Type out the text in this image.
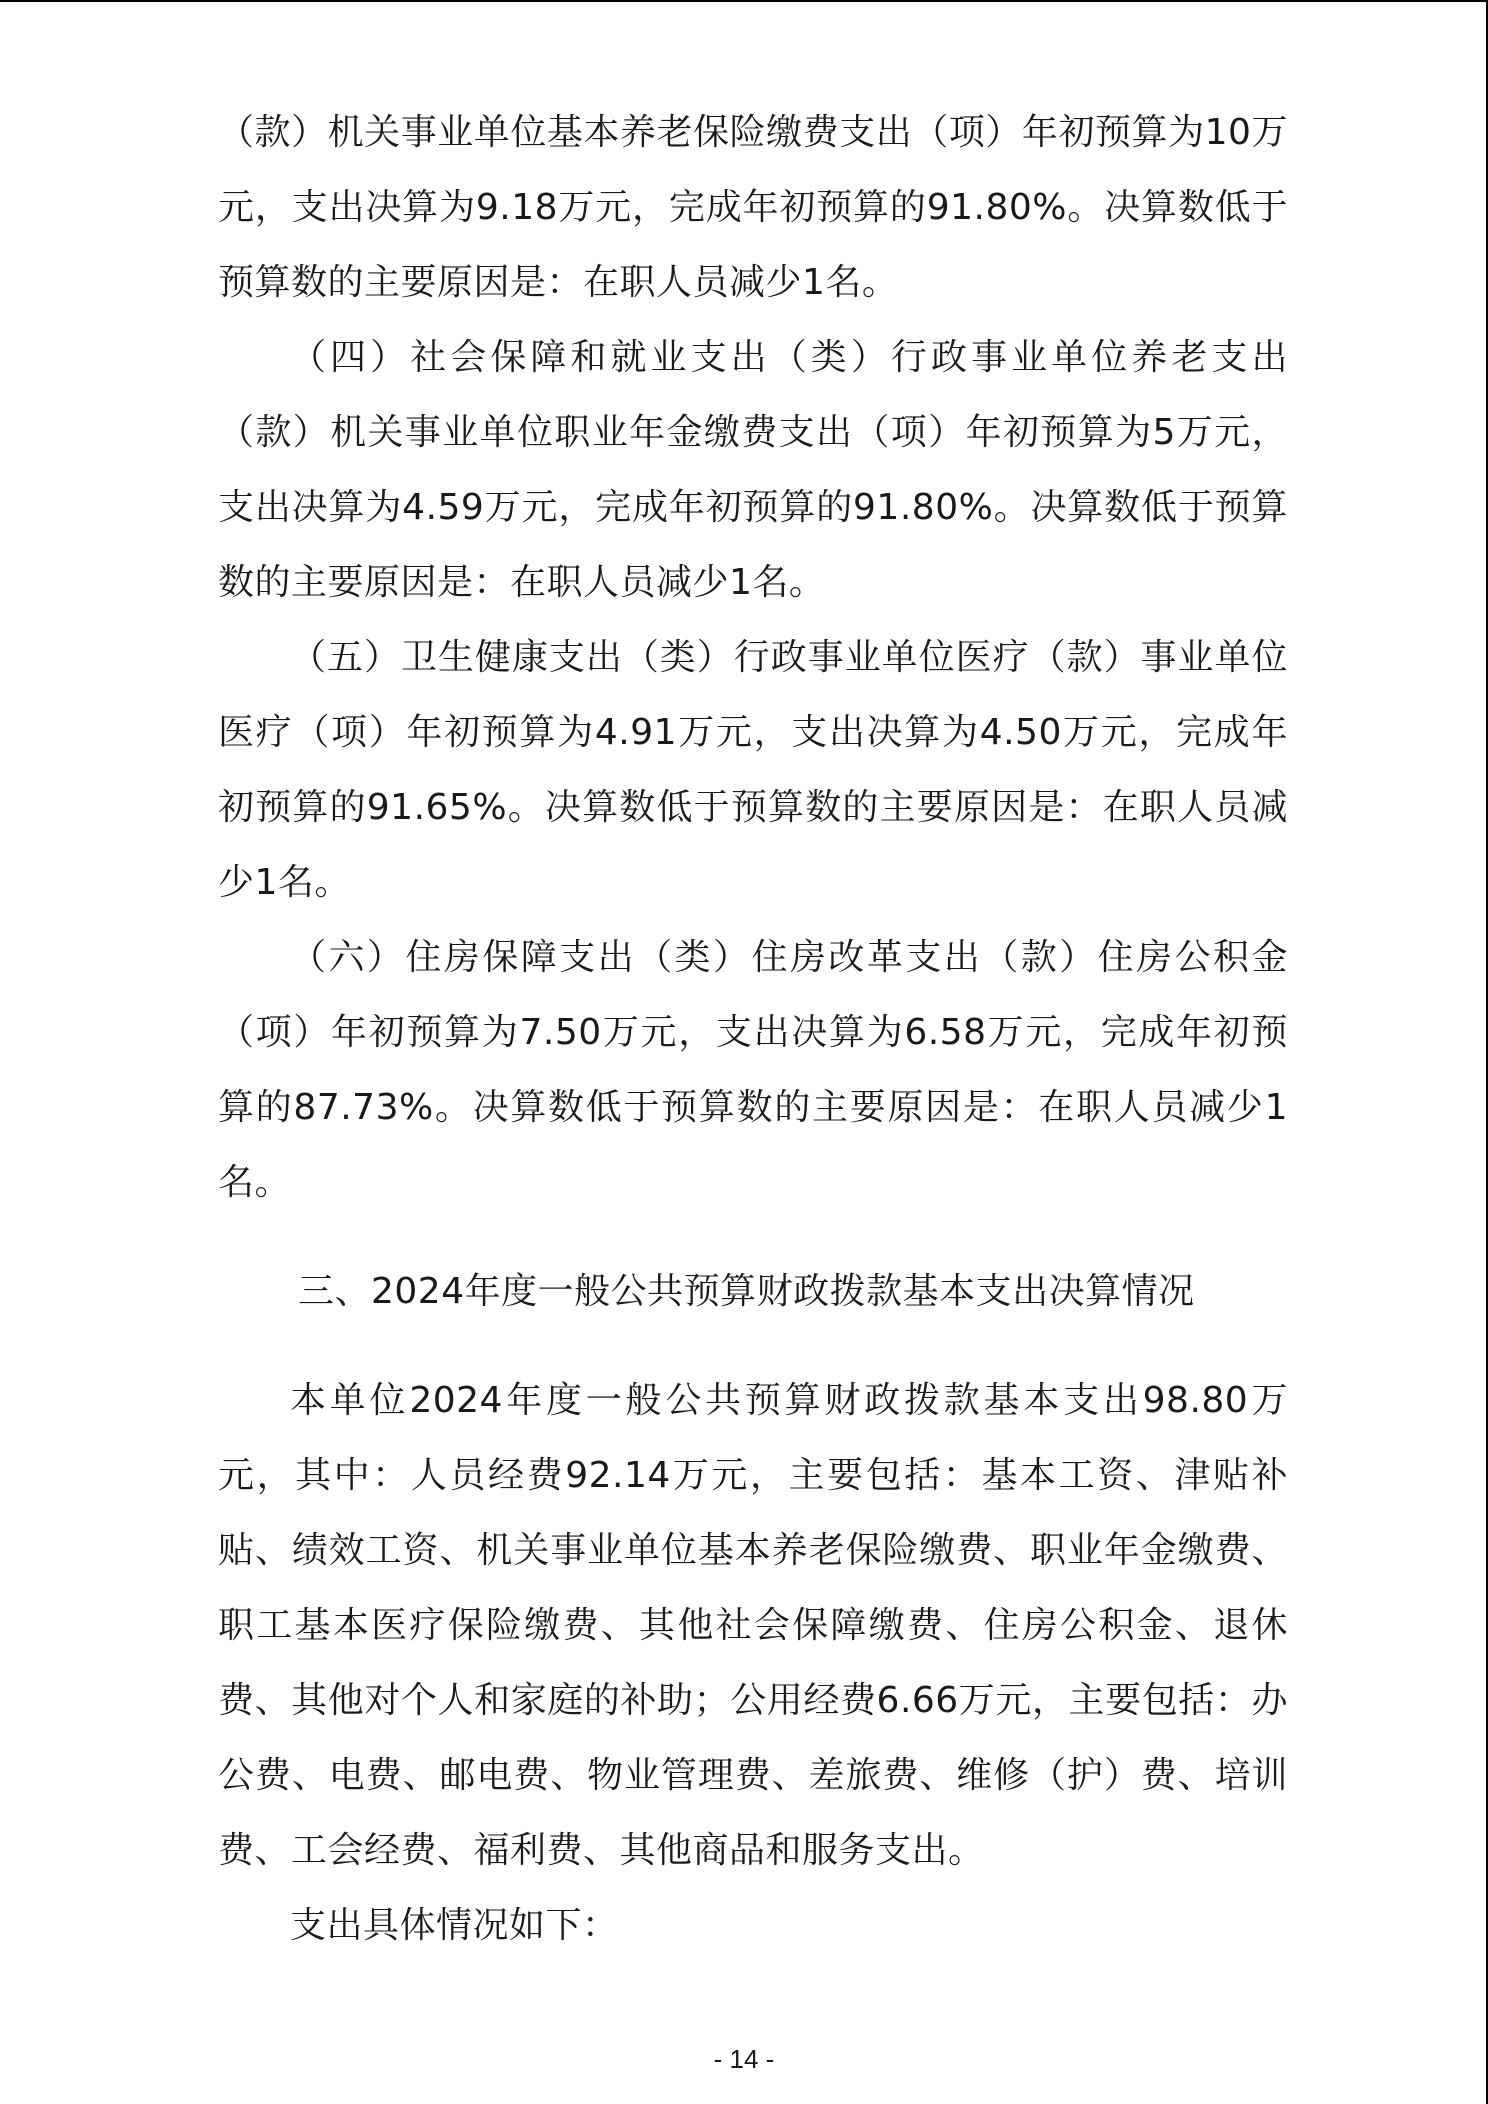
（款）机关事业单位基本养老保险缴费支出（项）年初预算为10万元，支出决算为9.18万元，完成年初预算的91.80%。决算数低于预算数的主要原因是：在职人员减少1名。

（四）社会保障和就业支出（类）行政事业单位养老支出（款）机关事业单位职业年金缴费支出（项）年初预算为5万元，支出决算为4.59万元，完成年初预算的91.80%。决算数低于预算数的主要原因是：在职人员减少1名。

（五）卫生健康支出（类）行政事业单位医疗（款）事业单位医疗（项）年初预算为4.91万元，支出决算为4.50万元，完成年初预算的91.65%。决算数低于预算数的主要原因是：在职人员减少1名。

（六）住房保障支出（类）住房改革支出（款）住房公积金（项）年初预算为7.50万元，支出决算为6.58万元，完成年初预算的87.73%。决算数低于预算数的主要原因是：在职人员减少1名。

三、2024年度一般公共预算财政拨款基本支出决算情况

本单位2024年度一般公共预算财政拨款基本支出98.80万元，其中：人员经费92.14万元，主要包括：基本工资、津贴补贴、绩效工资、机关事业单位基本养老保险缴费、职业年金缴费、职工基本医疗保险缴费、其他社会保障缴费、住房公积金、退休费、其他对个人和家庭的补助；公用经费6.66万元，主要包括：办公费、电费、邮电费、物业管理费、差旅费、维修（护）费、培训费、工会经费、福利费、其他商品和服务支出。

支出具体情况如下：

- 14 -
